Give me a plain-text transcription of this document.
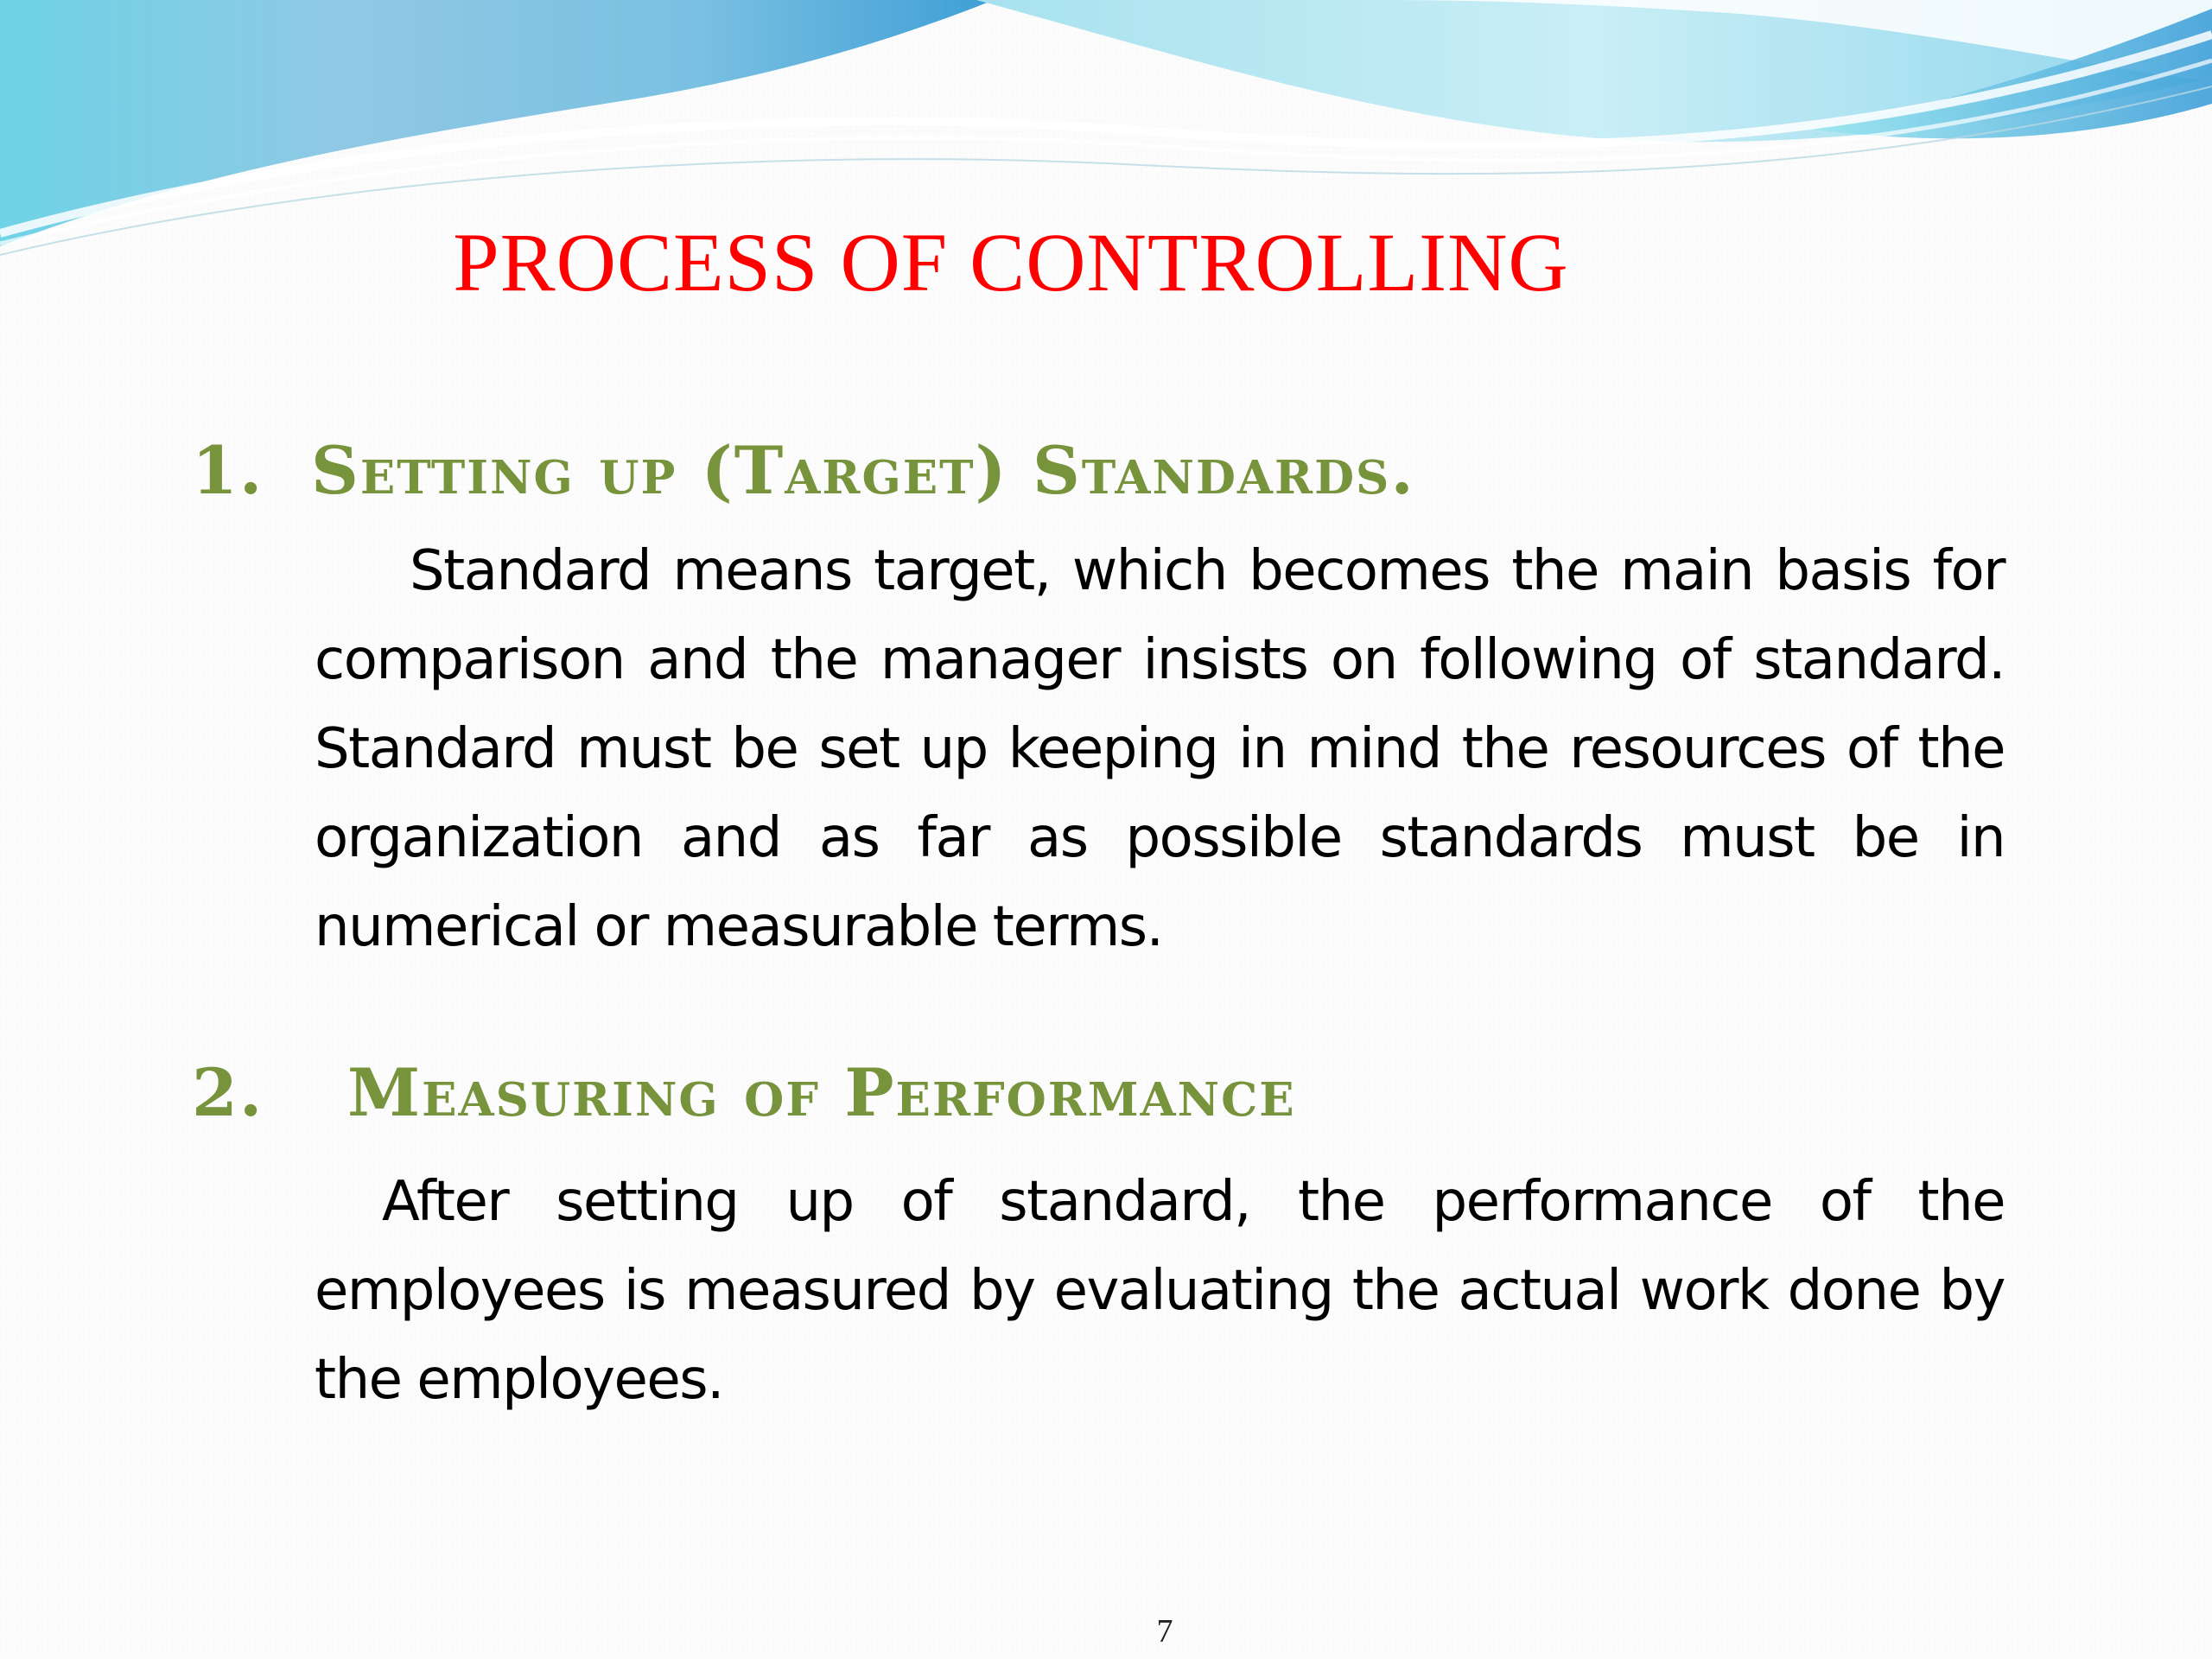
PROCESS OF CONTROLLING
1. Setting up (Target) Standards.
Standard means target, which becomes the main basis for comparison and the manager insists on following of standard. Standard must be set up keeping in mind the resources of the organization and as far as possible standards must be in numerical or measurable terms.
2. Measuring of Performance
After setting up of standard, the performance of the employees is measured by evaluating the actual work done by the employees.
7
